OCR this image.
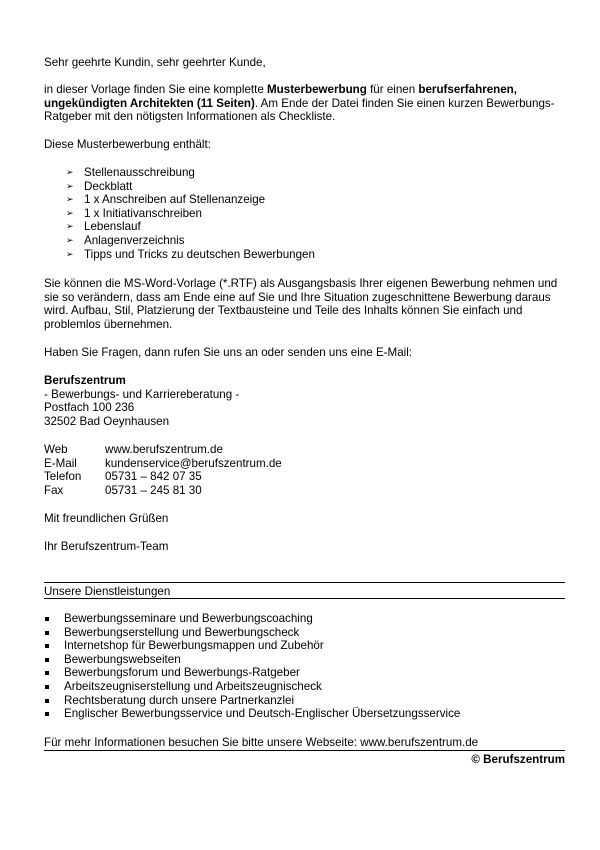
Sehr geehrte Kundin, sehr geehrter Kunde,

in dieser Vorlage finden Sie eine komplette Musterbewerbung für einen berufserfahrenen, ungekündigten Architekten (11 Seiten). Am Ende der Datei finden Sie einen kurzen Bewerbungs-Ratgeber mit den nötigsten Informationen als Checkliste.

Diese Musterbewerbung enthält:

➢ Stellenausschreibung
➢ Deckblatt
➢ 1 x Anschreiben auf Stellenanzeige
➢ 1 x Initiativanschreiben
➢ Lebenslauf
➢ Anlagenverzeichnis
➢ Tipps und Tricks zu deutschen Bewerbungen

Sie können die MS-Word-Vorlage (*.RTF) als Ausgangsbasis Ihrer eigenen Bewerbung nehmen und sie so verändern, dass am Ende eine auf Sie und Ihre Situation zugeschnittene Bewerbung daraus wird. Aufbau, Stil, Platzierung der Textbausteine und Teile des Inhalts können Sie einfach und problemlos übernehmen.

Haben Sie Fragen, dann rufen Sie uns an oder senden uns eine E-Mail:

Berufszentrum

- Bewerbungs- und Karriereberatung -

Postfach 100 236

32502 Bad Oeynhausen

Web	www.berufszentrum.de
E-Mail	kundenservice@berufszentrum.de
Telefon	05731 – 842 07 35
Fax	05731 – 245 81 30

Mit freundlichen Grüßen

Ihr Berufszentrum-Team

Unsere Dienstleistungen

Bewerbungsseminare und Bewerbungscoaching
Bewerbungserstellung und Bewerbungscheck
Internetshop für Bewerbungsmappen und Zubehör
Bewerbungswebseiten
Bewerbungsforum und Bewerbungs-Ratgeber
Arbeitszeugniserstellung und Arbeitszeugnischeck
Rechtsberatung durch unsere Partnerkanzlei
Englischer Bewerbungsservice und Deutsch-Englischer Übersetzungsservice

Für mehr Informationen besuchen Sie bitte unsere Webseite: www.berufszentrum.de

© Berufszentrum
